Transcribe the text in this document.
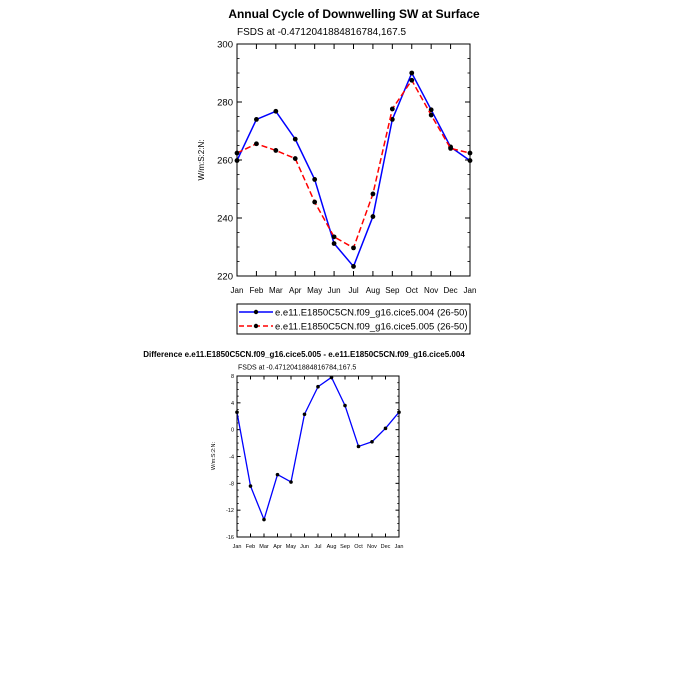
Annual Cycle of Downwelling SW at Surface
FSDS at -0.4712041884816784,167.5
W/m:S:2:N:
220
240
260
280
300
Jan Feb Mar Apr May Jun Jul Aug Sep Oct Nov Dec Jan
e.e11.E1850C5CN.f09_g16.cice5.004 (26-50)
e.e11.E1850C5CN.f09_g16.cice5.005 (26-50)
Difference e.e11.E1850C5CN.f09_g16.cice5.005 - e.e11.E1850C5CN.f09_g16.cice5.004
FSDS at -0.4712041884816784,167.5
W/m:S:2:N:
-16
-12
-8
-4
0
4
8
Jan Feb Mar Apr May Jun Jul Aug Sep Oct Nov Dec Jan
